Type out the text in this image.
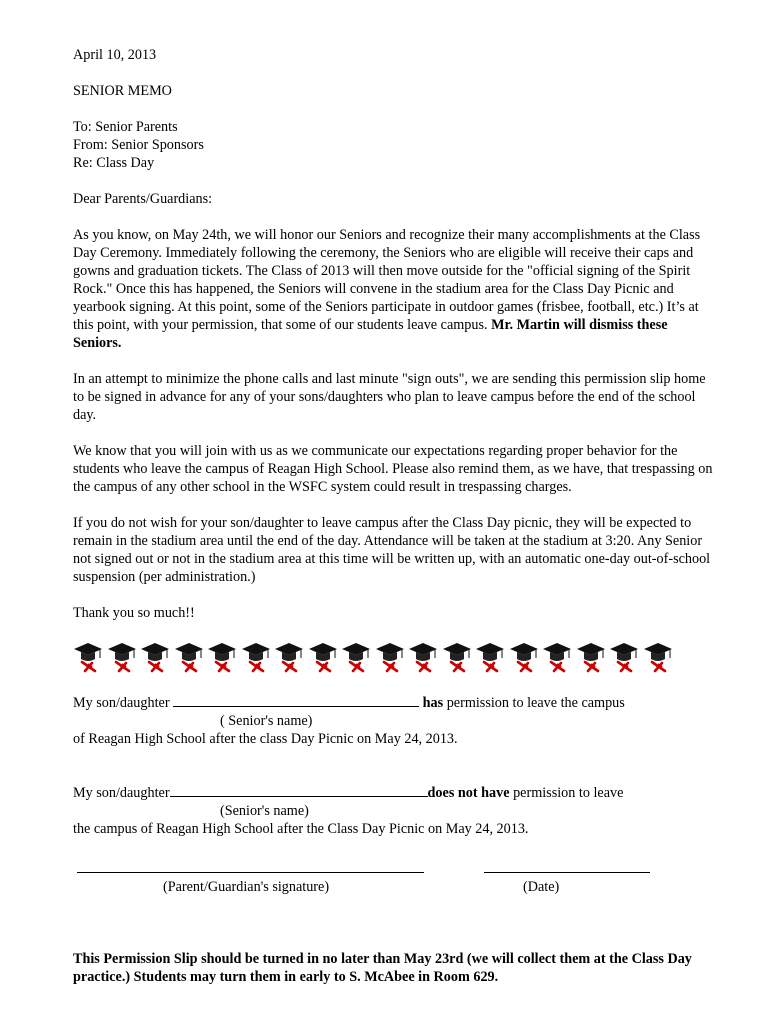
April 10, 2013

SENIOR MEMO

To: Senior Parents

From: Senior Sponsors

Re: Class Day

Dear Parents/Guardians:

As you know, on May 24th, we will honor our Seniors and recognize their many accomplishments at the Class Day Ceremony. Immediately following the ceremony, the Seniors who are eligible will receive their caps and gowns and graduation tickets. The Class of 2013 will then move outside for the "official signing of the Spirit Rock." Once this has happened, the Seniors will convene in the stadium area for the Class Day Picnic and yearbook signing. At this point, some of the Seniors participate in outdoor games (frisbee, football, etc.) It’s at this point, with your permission, that some of our students leave campus. Mr. Martin will dismiss these Seniors.

In an attempt to minimize the phone calls and last minute "sign outs", we are sending this permission slip home to be signed in advance for any of your sons/daughters who plan to leave campus before the end of the school day.

We know that you will join with us as we communicate our expectations regarding proper behavior for the students who leave the campus of Reagan High School. Please also remind them, as we have, that trespassing on the campus of any other school in the WSFC system could result in trespassing charges.

If you do not wish for your son/daughter to leave campus after the Class Day picnic, they will be expected to remain in the stadium area until the end of the day. Attendance will be taken at the stadium at 3:20. Any Senior not signed out or not in the stadium area at this time will be written up, with an automatic one-day out-of-school suspension (per administration.)

Thank you so much!!

My son/daughter	has permission to leave the campus
( Senior's name)
of Reagan High School after the class Day Picnic on May 24, 2013.
My son/daughter	does not have permission to leave
(Senior's name)
the campus of Reagan High School after the Class Day Picnic on May 24, 2013.
(Parent/Guardian's signature)	(Date)

This Permission Slip should be turned in no later than May 23rd (we will collect them at the Class Day practice.) Students may turn them in early to S. McAbee in Room 629.
